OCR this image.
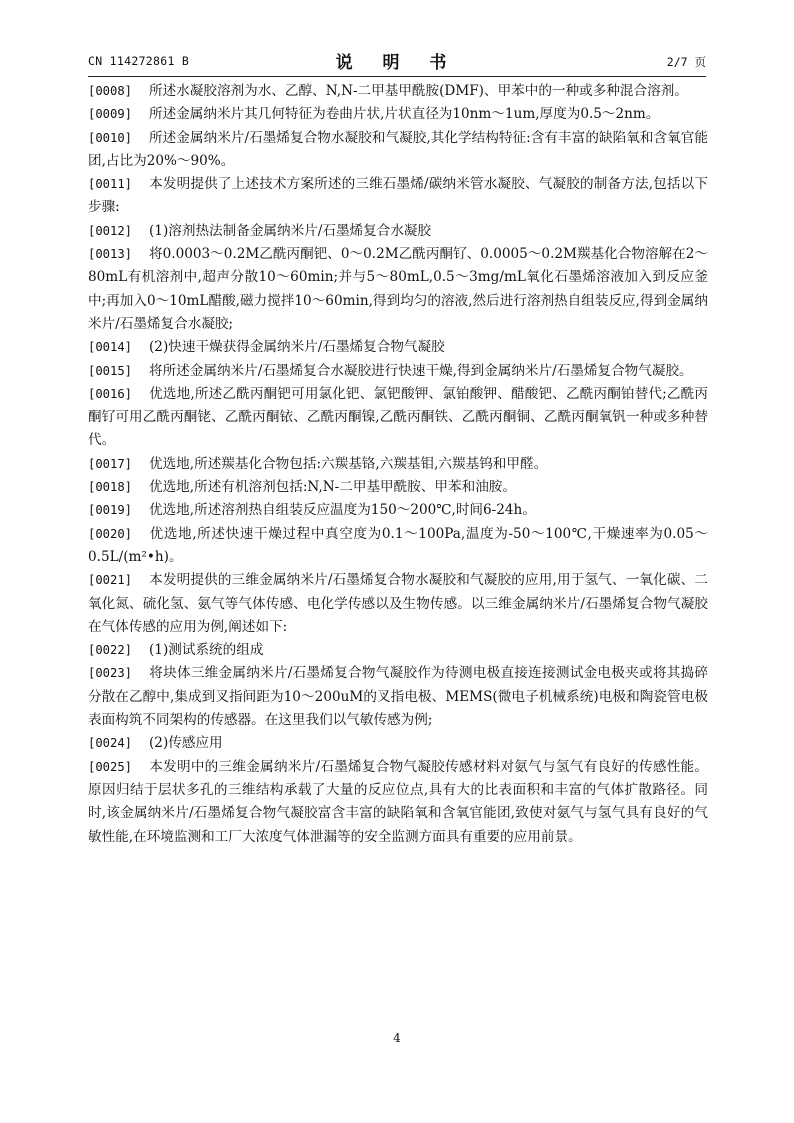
CN 114272861 B	说 明 书	2/7 页

[0008] 所述水凝胶溶剂为水、乙醇、N,N-二甲基甲酰胺(DMF)、甲苯中的一种或多种混合溶剂。

[0009] 所述金属纳米片其几何特征为卷曲片状,片状直径为10nm～1um,厚度为0.5～2nm。

[0010] 所述金属纳米片/石墨烯复合物水凝胶和气凝胶,其化学结构特征:含有丰富的缺陷氧和含氧官能团,占比为20%～90%。

[0011] 本发明提供了上述技术方案所述的三维石墨烯/碳纳米管水凝胶、气凝胶的制备方法,包括以下步骤:

[0012] (1)溶剂热法制备金属纳米片/石墨烯复合水凝胶

[0013] 将0.0003～0.2M乙酰丙酮钯、0～0.2M乙酰丙酮钌、0.0005～0.2M羰基化合物溶解在2～80mL有机溶剂中,超声分散10～60min;并与5～80mL,0.5～3mg/mL氧化石墨烯溶液加入到反应釜中;再加入0～10mL醋酸,磁力搅拌10～60min,得到均匀的溶液,然后进行溶剂热自组装反应,得到金属纳米片/石墨烯复合水凝胶;

[0014] (2)快速干燥获得金属纳米片/石墨烯复合物气凝胶

[0015] 将所述金属纳米片/石墨烯复合水凝胶进行快速干燥,得到金属纳米片/石墨烯复合物气凝胶。

[0016] 优选地,所述乙酰丙酮钯可用氯化钯、氯钯酸钾、氯铂酸钾、醋酸钯、乙酰丙酮铂替代;乙酰丙酮钌可用乙酰丙酮铑、乙酰丙酮铱、乙酰丙酮镍,乙酰丙酮铁、乙酰丙酮铜、乙酰丙酮氧钒一种或多种替代。

[0017] 优选地,所述羰基化合物包括:六羰基铬,六羰基钼,六羰基钨和甲醛。

[0018] 优选地,所述有机溶剂包括:N,N-二甲基甲酰胺、甲苯和油胺。

[0019] 优选地,所述溶剂热自组装反应温度为150～200℃,时间6-24h。

[0020] 优选地,所述快速干燥过程中真空度为0.1～100Pa,温度为-50～100℃,干燥速率为0.05～0.5L/(m²•h)。

[0021] 本发明提供的三维金属纳米片/石墨烯复合物水凝胶和气凝胶的应用,用于氢气、一氧化碳、二氧化氮、硫化氢、氨气等气体传感、电化学传感以及生物传感。以三维金属纳米片/石墨烯复合物气凝胶在气体传感的应用为例,阐述如下:

[0022] (1)测试系统的组成

[0023] 将块体三维金属纳米片/石墨烯复合物气凝胶作为待测电极直接连接测试金电极夹或将其捣碎分散在乙醇中,集成到叉指间距为10～200uM的叉指电极、MEMS(微电子机械系统)电极和陶瓷管电极表面构筑不同架构的传感器。在这里我们以气敏传感为例;

[0024] (2)传感应用

[0025] 本发明中的三维金属纳米片/石墨烯复合物气凝胶传感材料对氨气与氢气有良好的传感性能。原因归结于层状多孔的三维结构承载了大量的反应位点,具有大的比表面积和丰富的气体扩散路径。同时,该金属纳米片/石墨烯复合物气凝胶富含丰富的缺陷氧和含氧官能团,致使对氨气与氢气具有良好的气敏性能,在环境监测和工厂大浓度气体泄漏等的安全监测方面具有重要的应用前景。

4
